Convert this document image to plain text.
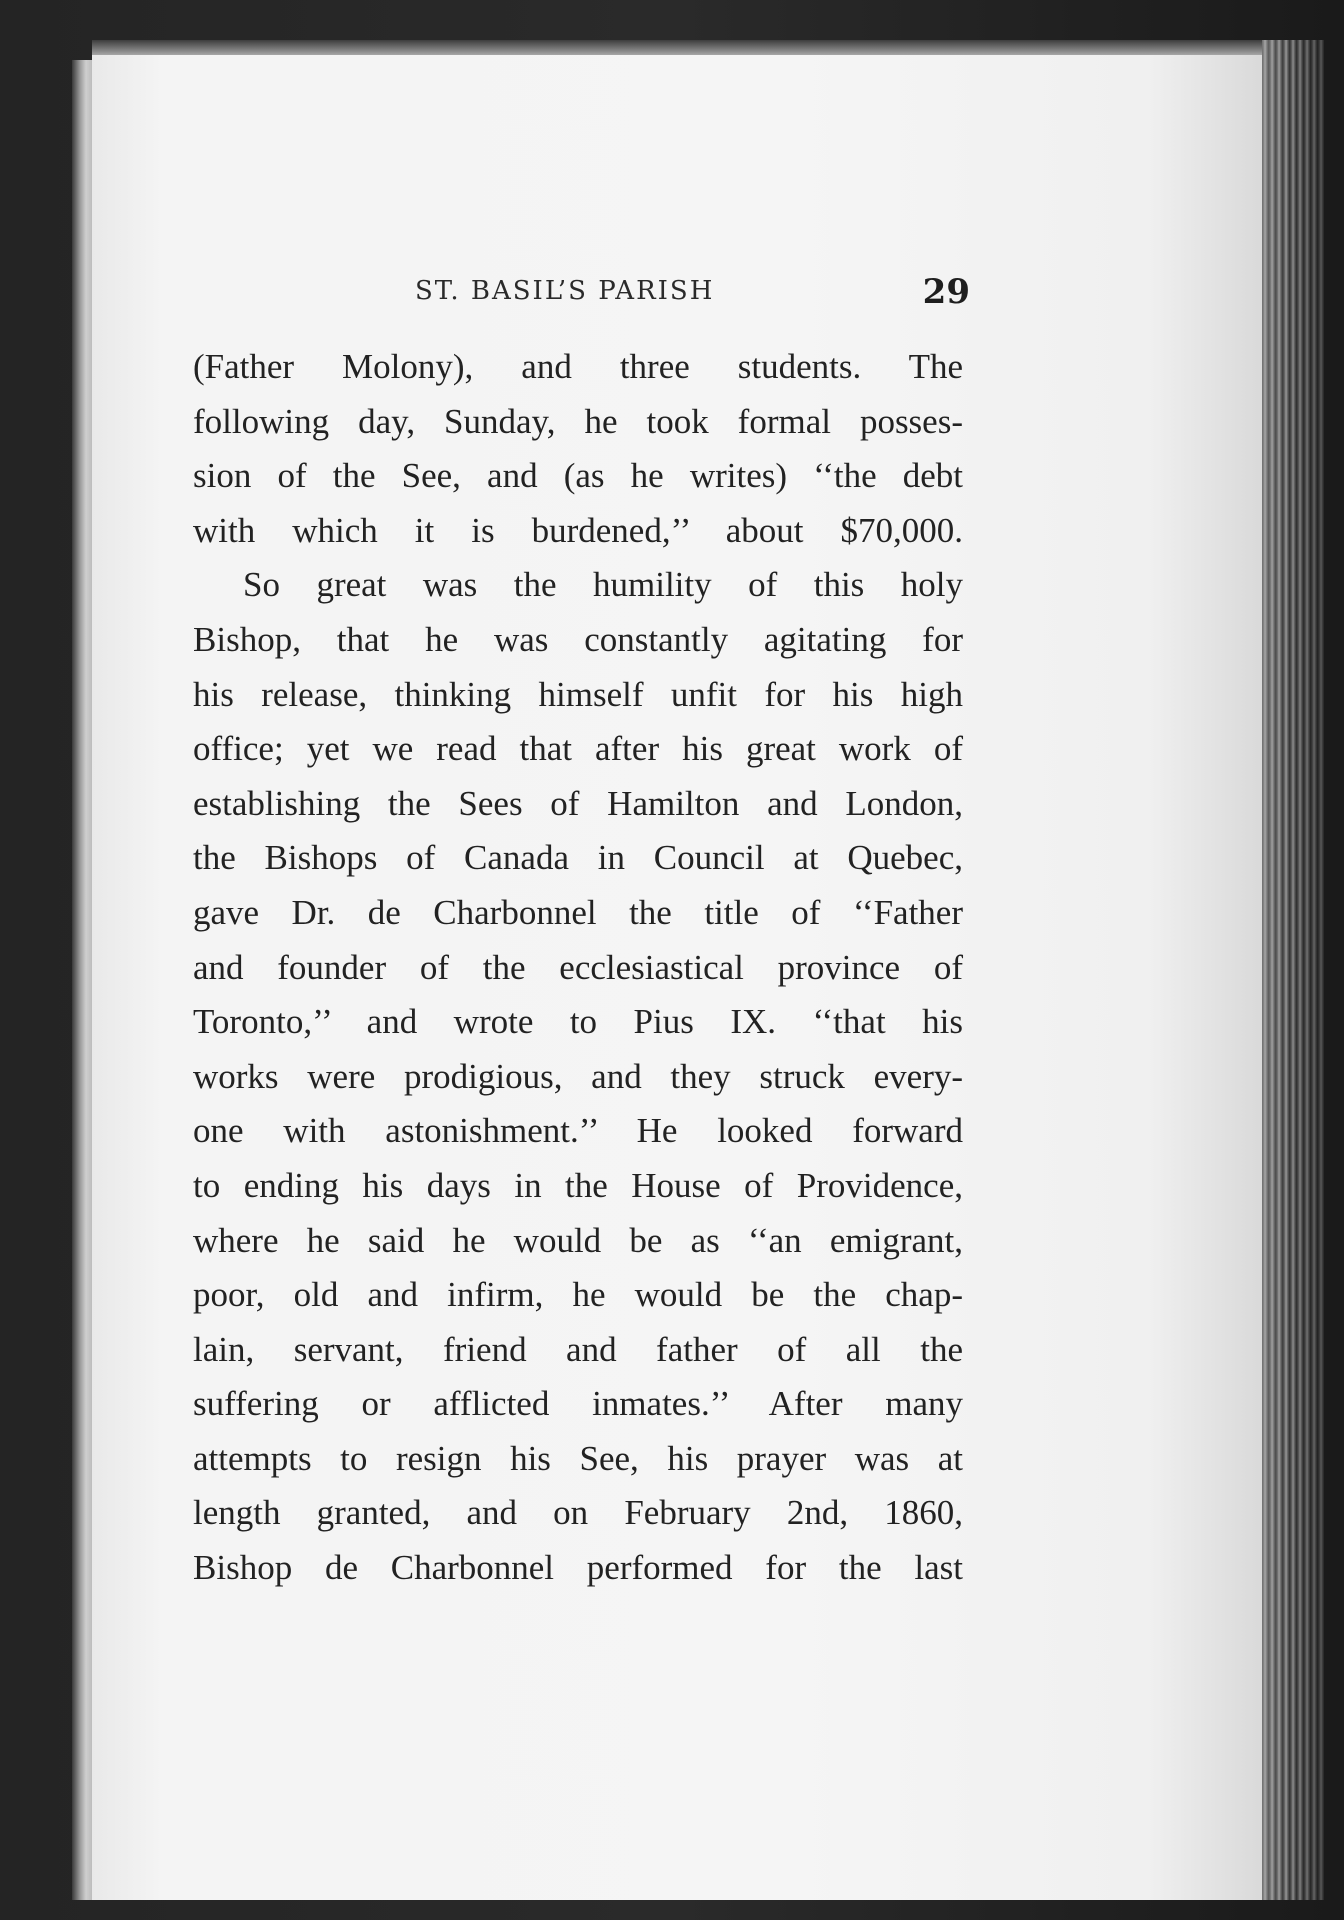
ST. BASIL’S PARISH	29
(Father Molony), and three students. The
following day, Sunday, he took formal posses-
sion of the See, and (as he writes) ‘‘the debt
with which it is burdened,’’ about $70,000.
So great was the humility of this holy
Bishop, that he was constantly agitating for
his release, thinking himself unfit for his high
office; yet we read that after his great work of
establishing the Sees of Hamilton and London,
the Bishops of Canada in Council at Quebec,
gave Dr. de Charbonnel the title of ‘‘Father
and founder of the ecclesiastical province of
Toronto,’’ and wrote to Pius IX. ‘‘that his
works were prodigious, and they struck every-
one with astonishment.’’ He looked forward
to ending his days in the House of Providence,
where he said he would be as ‘‘an emigrant,
poor, old and infirm, he would be the chap-
lain, servant, friend and father of all the
suffering or afflicted inmates.’’ After many
attempts to resign his See, his prayer was at
length granted, and on February 2nd, 1860,
Bishop de Charbonnel performed for the last
